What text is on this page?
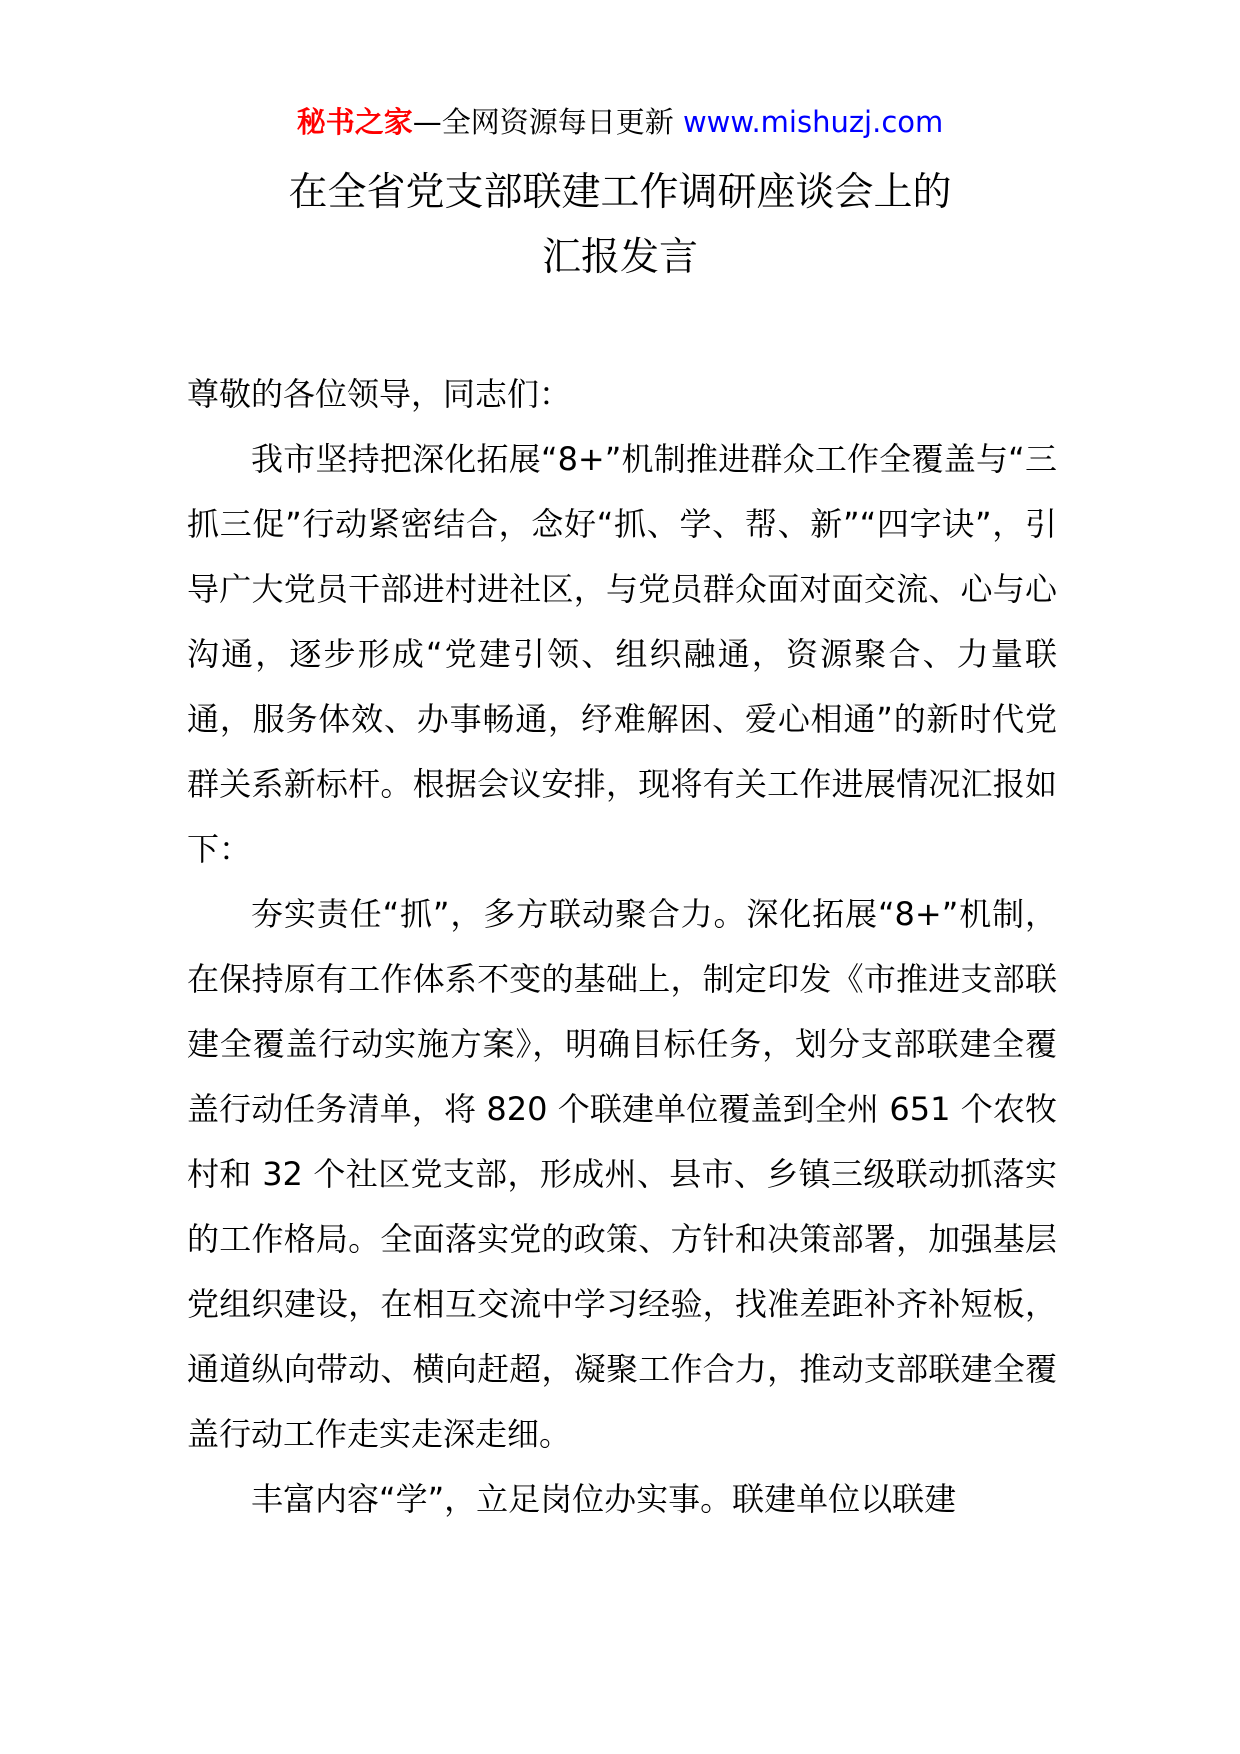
秘书之家—全网资源每日更新 www.mishuzj.com
在全省党支部联建工作调研座谈会上的
汇报发言

尊敬的各位领导，同志们：

我市坚持把深化拓展“8+”机制推进群众工作全覆盖与“三抓三促”行动紧密结合，念好“抓、学、帮、新”“四字诀”，引导广大党员干部进村进社区，与党员群众面对面交流、心与心沟通，逐步形成“党建引领、组织融通，资源聚合、力量联通，服务体效、办事畅通，纾难解困、爱心相通”的新时代党群关系新标杆。根据会议安排，现将有关工作进展情况汇报如下：

夯实责任“抓”，多方联动聚合力。深化拓展“8+”机制，在保持原有工作体系不变的基础上，制定印发《市推进支部联建全覆盖行动实施方案》，明确目标任务，划分支部联建全覆盖行动任务清单，将 820 个联建单位覆盖到全州 651 个农牧村和 32 个社区党支部，形成州、县市、乡镇三级联动抓落实的工作格局。全面落实党的政策、方针和决策部署，加强基层党组织建设，在相互交流中学习经验，找准差距补齐补短板，通道纵向带动、横向赶超，凝聚工作合力，推动支部联建全覆盖行动工作走实走深走细。

丰富内容“学”，立足岗位办实事。联建单位以联建
